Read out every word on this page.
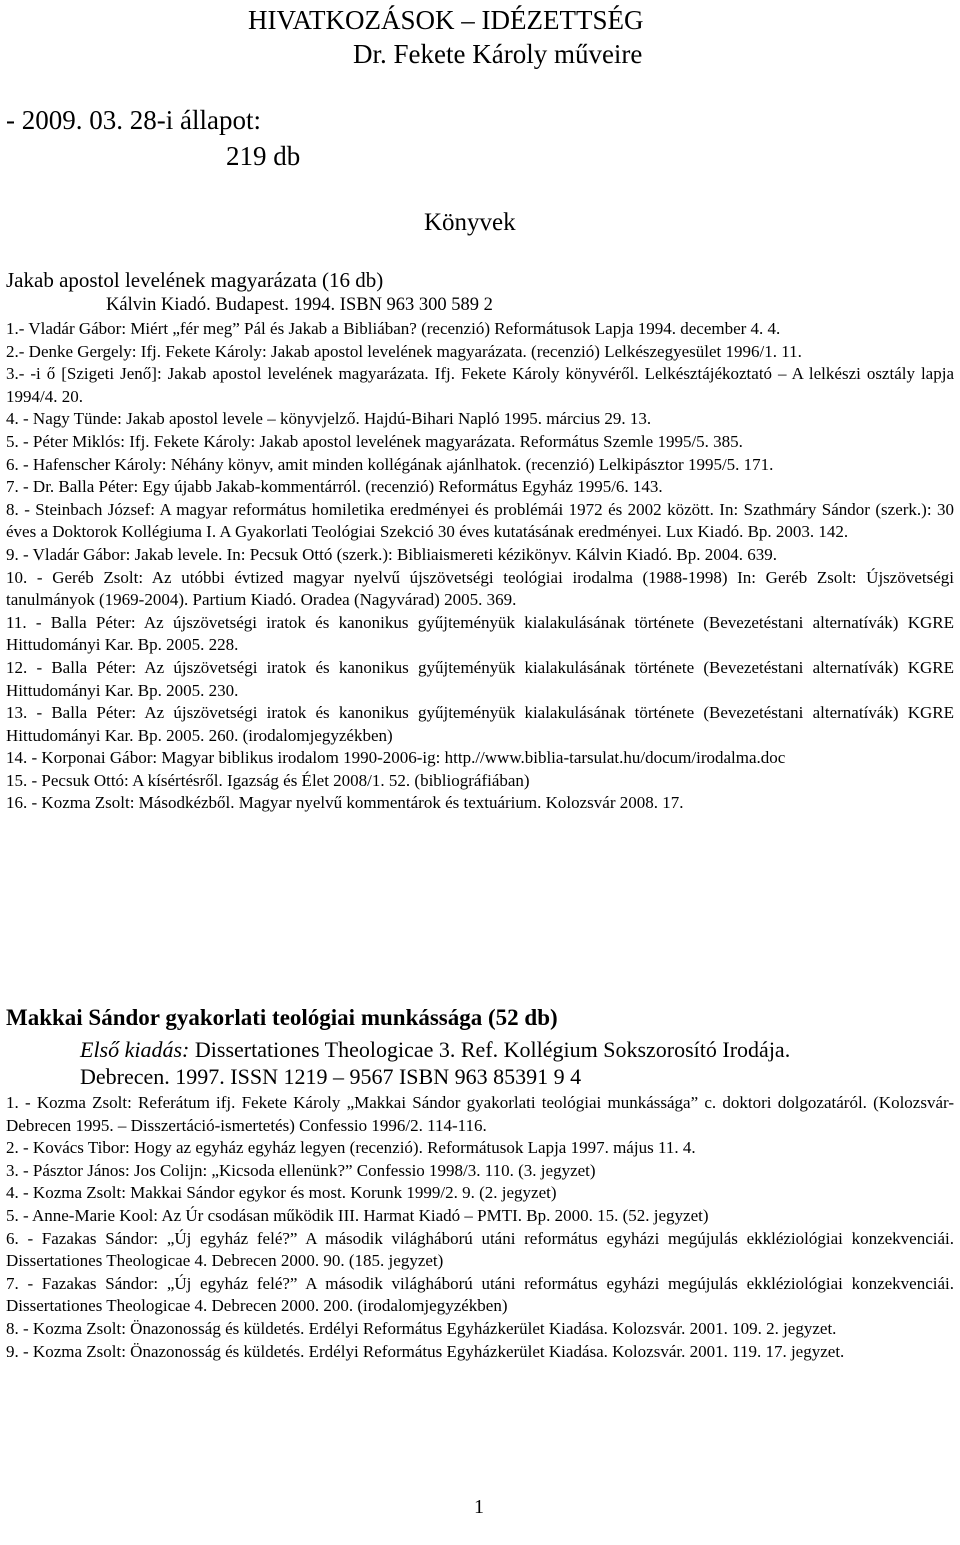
HIVATKOZÁSOK – IDÉZETTSÉG
Dr. Fekete Károly műveire
- 2009. 03. 28-i állapot:
219 db
Könyvek
Jakab apostol levelének magyarázata (16 db)
Kálvin Kiadó. Budapest. 1994. ISBN 963 300 589 2

1.- Vladár Gábor: Miért „fér meg” Pál és Jakab a Bibliában? (recenzió) Reformátusok Lapja 1994. december 4. 4.

2.- Denke Gergely: Ifj. Fekete Károly: Jakab apostol levelének magyarázata. (recenzió) Lelkészegyesület 1996/1. 11.

3.- -i ő [Szigeti Jenő]: Jakab apostol levelének magyarázata. Ifj. Fekete Károly könyvéről. Lelkésztájékoztató – A lelkészi osztály lapja 1994/4. 20.

4. - Nagy Tünde: Jakab apostol levele – könyvjelző. Hajdú-Bihari Napló 1995. március 29. 13.

5. - Péter Miklós: Ifj. Fekete Károly: Jakab apostol levelének magyarázata. Református Szemle 1995/5. 385.

6. - Hafenscher Károly: Néhány könyv, amit minden kollégának ajánlhatok. (recenzió) Lelkipásztor 1995/5. 171.

7. - Dr. Balla Péter: Egy újabb Jakab-kommentárról. (recenzió) Református Egyház 1995/6. 143.

8. - Steinbach József: A magyar református homiletika eredményei és problémái 1972 és 2002 között. In: Szathmáry Sándor (szerk.): 30 éves a Doktorok Kollégiuma I. A Gyakorlati Teológiai Szekció 30 éves kutatásának eredményei. Lux Kiadó. Bp. 2003. 142.

9. - Vladár Gábor: Jakab levele. In: Pecsuk Ottó (szerk.): Bibliaismereti kézikönyv. Kálvin Kiadó. Bp. 2004. 639.

10. - Geréb Zsolt: Az utóbbi évtized magyar nyelvű újszövetségi teológiai irodalma (1988-1998) In: Geréb Zsolt: Újszövetségi tanulmányok (1969-2004). Partium Kiadó. Oradea (Nagyvárad) 2005. 369.

11. - Balla Péter: Az újszövetségi iratok és kanonikus gyűjteményük kialakulásának története (Bevezetéstani alternatívák) KGRE Hittudományi Kar. Bp. 2005. 228.

12. - Balla Péter: Az újszövetségi iratok és kanonikus gyűjteményük kialakulásának története (Bevezetéstani alternatívák) KGRE Hittudományi Kar. Bp. 2005. 230.

13. - Balla Péter: Az újszövetségi iratok és kanonikus gyűjteményük kialakulásának története (Bevezetéstani alternatívák) KGRE Hittudományi Kar. Bp. 2005. 260. (irodalomjegyzékben)

14. - Korponai Gábor: Magyar biblikus irodalom 1990-2006-ig: http.//www.biblia-tarsulat.hu/docum/irodalma.doc

15. - Pecsuk Ottó: A kísértésről. Igazság és Élet 2008/1. 52. (bibliográfiában)

16. - Kozma Zsolt: Másodkézből. Magyar nyelvű kommentárok és textuárium. Kolozsvár 2008. 17.

Makkai Sándor gyakorlati teológiai munkássága (52 db)
Első kiadás: Dissertationes Theologicae 3. Ref. Kollégium Sokszorosító Irodája.
Debrecen. 1997. ISSN 1219 – 9567 ISBN 963 85391 9 4

1. - Kozma Zsolt: Referátum ifj. Fekete Károly „Makkai Sándor gyakorlati teológiai munkássága” c. doktori dolgozatáról. (Kolozsvár-Debrecen 1995. – Disszertáció-ismertetés) Confessio 1996/2. 114-116.

2. - Kovács Tibor: Hogy az egyház egyház legyen (recenzió). Reformátusok Lapja 1997. május 11. 4.

3. - Pásztor János: Jos Colijn: „Kicsoda ellenünk?” Confessio 1998/3. 110. (3. jegyzet)

4. - Kozma Zsolt: Makkai Sándor egykor és most. Korunk 1999/2. 9. (2. jegyzet)

5. - Anne-Marie Kool: Az Úr csodásan működik III. Harmat Kiadó – PMTI. Bp. 2000. 15. (52. jegyzet)

6. - Fazakas Sándor: „Új egyház felé?” A második világháború utáni református egyházi megújulás ekkléziológiai konzekvenciái. Dissertationes Theologicae 4. Debrecen 2000. 90. (185. jegyzet)

7. - Fazakas Sándor: „Új egyház felé?” A második világháború utáni református egyházi megújulás ekkléziológiai konzekvenciái. Dissertationes Theologicae 4. Debrecen 2000. 200. (irodalomjegyzékben)

8. - Kozma Zsolt: Önazonosság és küldetés. Erdélyi Református Egyházkerület Kiadása. Kolozsvár. 2001. 109. 2. jegyzet.

9. - Kozma Zsolt: Önazonosság és küldetés. Erdélyi Református Egyházkerület Kiadása. Kolozsvár. 2001. 119. 17. jegyzet.

1
